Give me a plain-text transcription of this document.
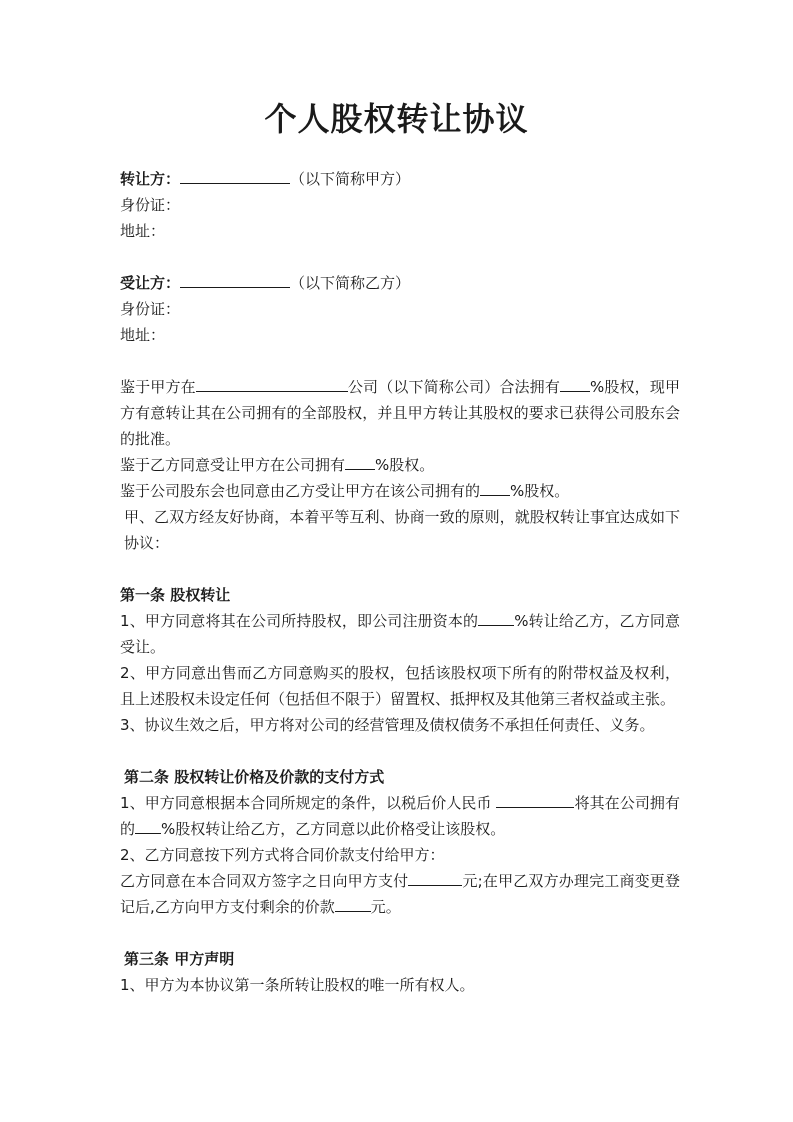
个人股权转让协议
转让方：	（以下简称甲方）
身份证：
地址：
受让方：	（以下简称乙方）
身份证：
地址：
鉴于甲方在	公司（以下简称公司）合法拥有 %股权，现甲方有意转让其在公司拥有的全部股权，并且甲方转让其股权的要求已获得公司股东会的批准。
鉴于乙方同意受让甲方在公司拥有 %股权。
鉴于公司股东会也同意由乙方受让甲方在该公司拥有的 %股权。
甲、乙双方经友好协商，本着平等互利、协商一致的原则，就股权转让事宜达成如下协议：
第一条 股权转让
1、甲方同意将其在公司所持股权，即公司注册资本的 %转让给乙方，乙方同意受让。
2、甲方同意出售而乙方同意购买的股权，包括该股权项下所有的附带权益及权利，且上述股权未设定任何（包括但不限于）留置权、抵押权及其他第三者权益或主张。
3、协议生效之后，甲方将对公司的经营管理及债权债务不承担任何责任、义务。
第二条 股权转让价格及价款的支付方式
1、甲方同意根据本合同所规定的条件，以税后价人民币	将其在公司拥有的 %股权转让给乙方，乙方同意以此价格受让该股权。
2、乙方同意按下列方式将合同价款支付给甲方：
乙方同意在本合同双方签字之日向甲方支付	元;在甲乙双方办理完工商变更登记后,乙方向甲方支付剩余的价款 元。
第三条 甲方声明
1、甲方为本协议第一条所转让股权的唯一所有权人。
